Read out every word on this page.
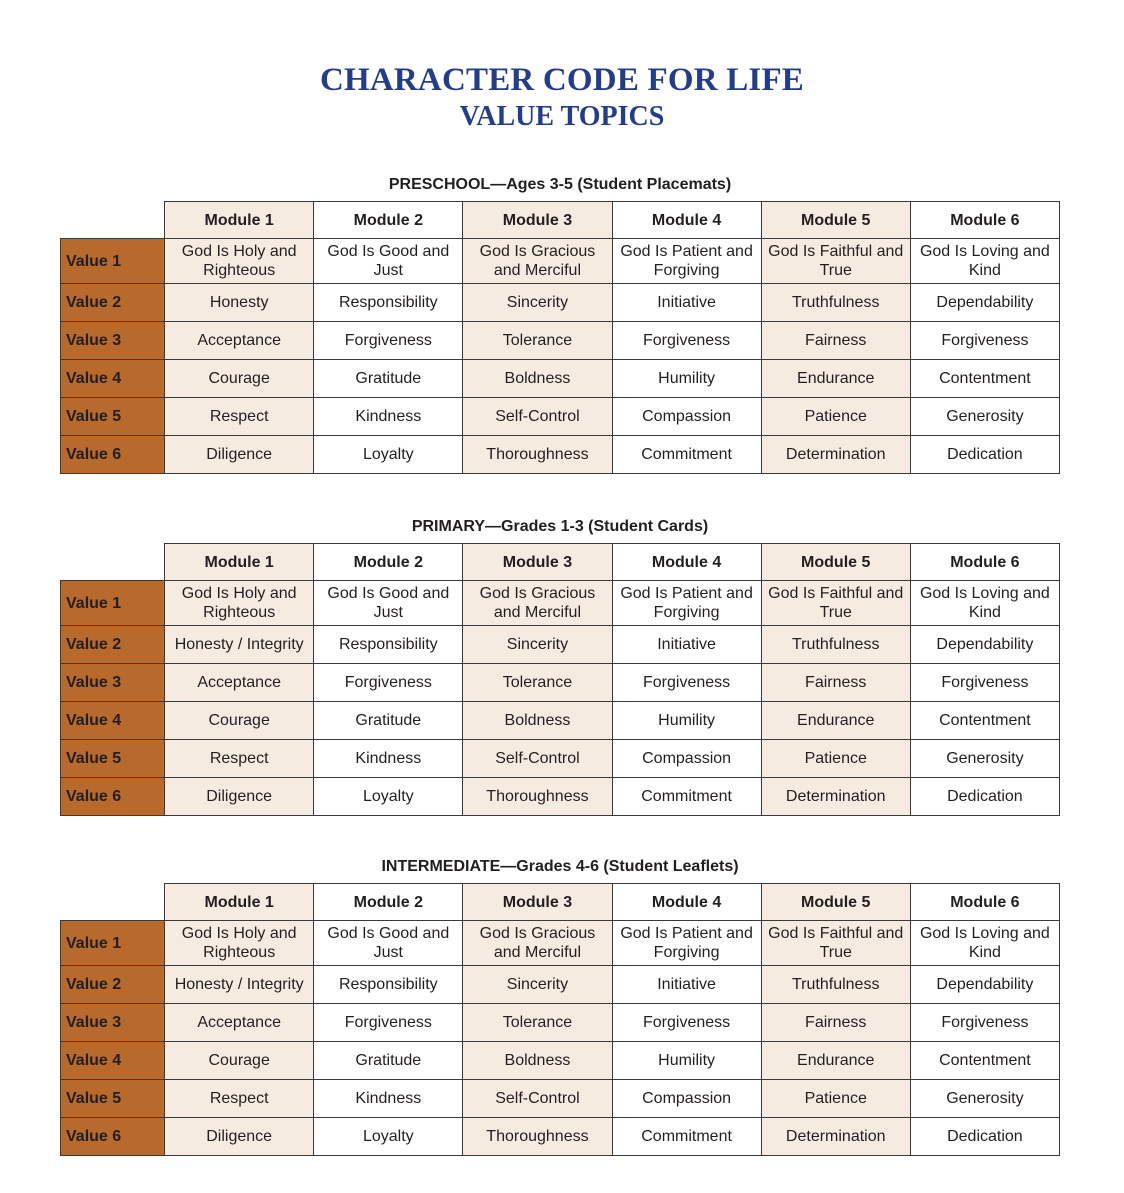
CHARACTER CODE FOR LIFE
VALUE TOPICS
PRESCHOOL—Ages 3-5 (Student Placemats)
	Module 1	Module 2	Module 3	Module 4	Module 5	Module 6
Value 1	God Is Holy and Righteous	God Is Good and Just	God Is Gracious and Merciful	God Is Patient and Forgiving	God Is Faithful and True	God Is Loving and Kind
Value 2	Honesty	Responsibility	Sincerity	Initiative	Truthfulness	Dependability
Value 3	Acceptance	Forgiveness	Tolerance	Forgiveness	Fairness	Forgiveness
Value 4	Courage	Gratitude	Boldness	Humility	Endurance	Contentment
Value 5	Respect	Kindness	Self-Control	Compassion	Patience	Generosity
Value 6	Diligence	Loyalty	Thoroughness	Commitment	Determination	Dedication
PRIMARY—Grades 1-3 (Student Cards)
	Module 1	Module 2	Module 3	Module 4	Module 5	Module 6
Value 1	God Is Holy and Righteous	God Is Good and Just	God Is Gracious and Merciful	God Is Patient and Forgiving	God Is Faithful and True	God Is Loving and Kind
Value 2	Honesty / Integrity	Responsibility	Sincerity	Initiative	Truthfulness	Dependability
Value 3	Acceptance	Forgiveness	Tolerance	Forgiveness	Fairness	Forgiveness
Value 4	Courage	Gratitude	Boldness	Humility	Endurance	Contentment
Value 5	Respect	Kindness	Self-Control	Compassion	Patience	Generosity
Value 6	Diligence	Loyalty	Thoroughness	Commitment	Determination	Dedication
INTERMEDIATE—Grades 4-6 (Student Leaflets)
	Module 1	Module 2	Module 3	Module 4	Module 5	Module 6
Value 1	God Is Holy and Righteous	God Is Good and Just	God Is Gracious and Merciful	God Is Patient and Forgiving	God Is Faithful and True	God Is Loving and Kind
Value 2	Honesty / Integrity	Responsibility	Sincerity	Initiative	Truthfulness	Dependability
Value 3	Acceptance	Forgiveness	Tolerance	Forgiveness	Fairness	Forgiveness
Value 4	Courage	Gratitude	Boldness	Humility	Endurance	Contentment
Value 5	Respect	Kindness	Self-Control	Compassion	Patience	Generosity
Value 6	Diligence	Loyalty	Thoroughness	Commitment	Determination	Dedication
